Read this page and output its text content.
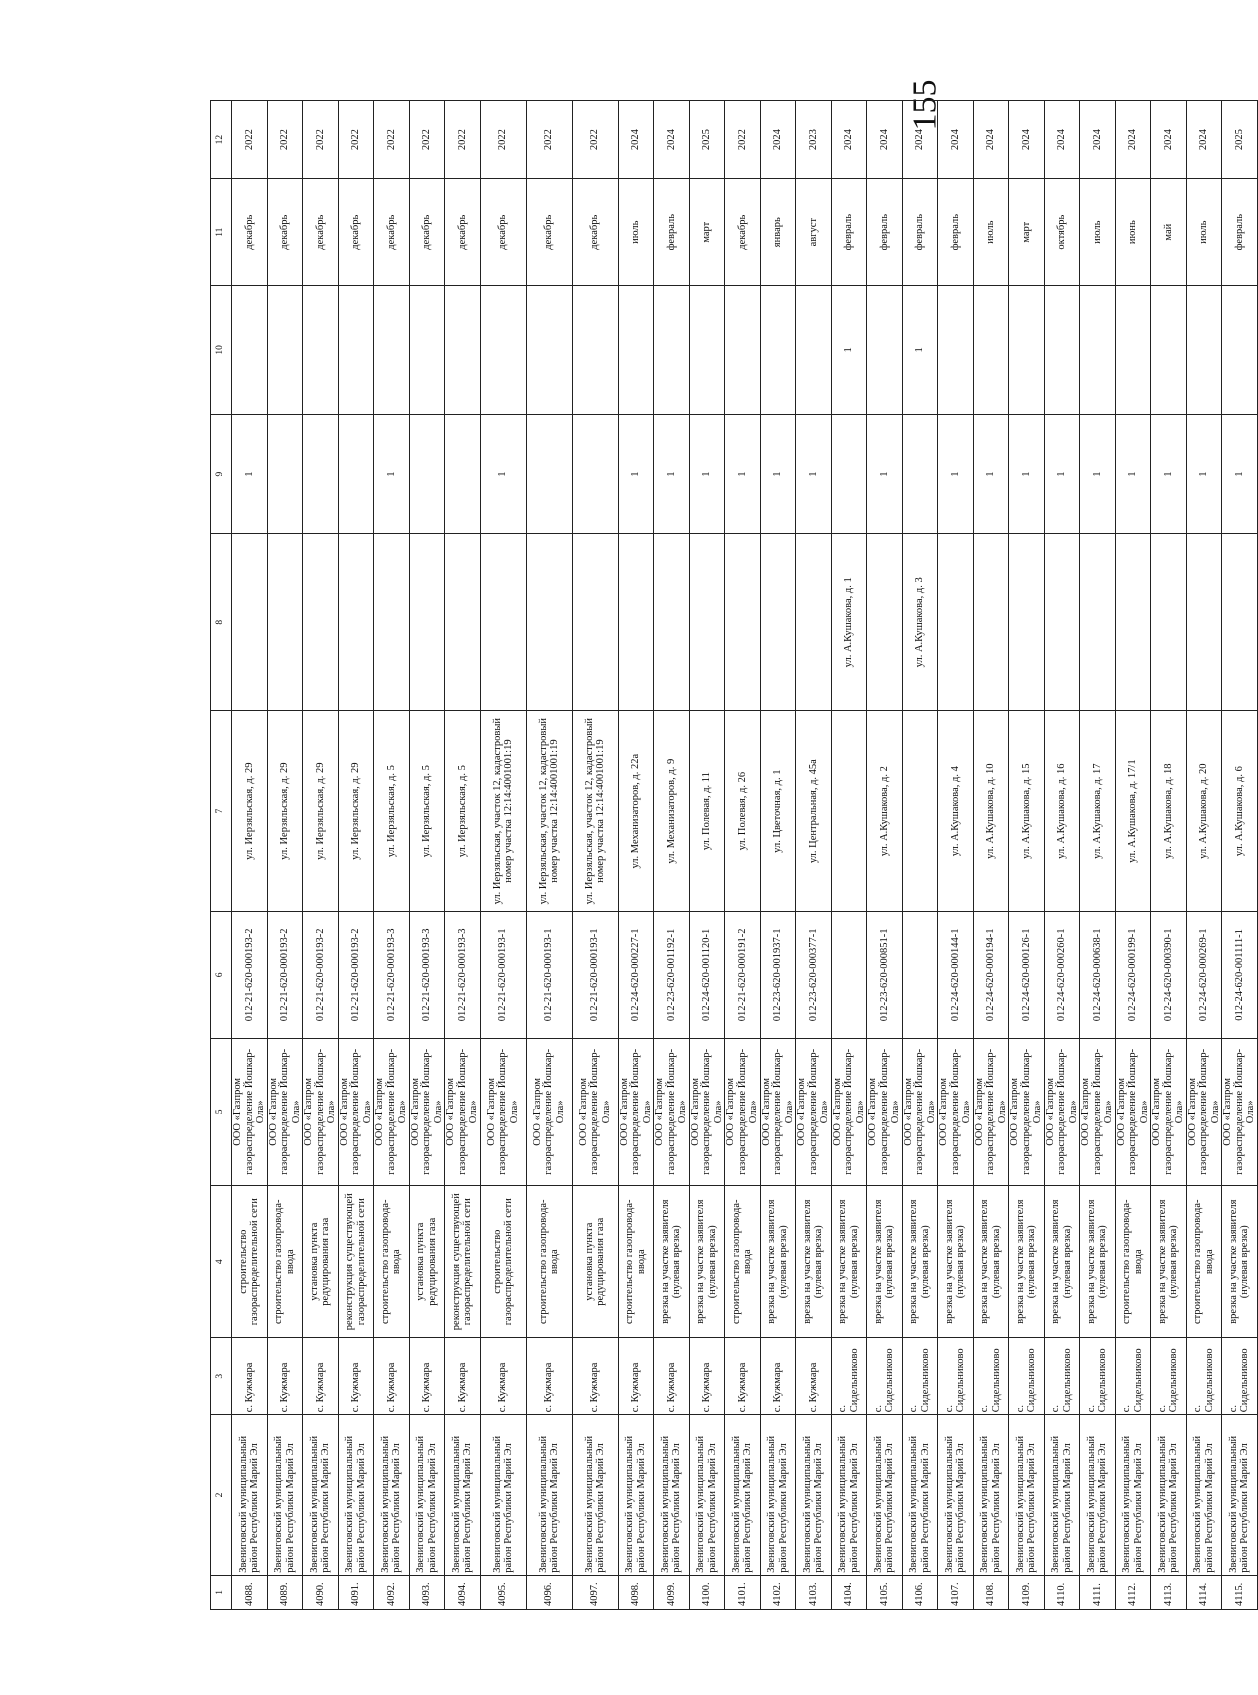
155
1	2	3	4	5	6	7	8	9	10	11	12
4088.	Звениговский муниципальный район Республики Марий Эл	с. Кужмара	строительство газораспределительной сети	ООО «Газпром газораспределение Йошкар-Ола»	012-21-620-000193-2	ул. Иерзяльская, д. 29		1		декабрь	2022
4089.	Звениговский муниципальный район Республики Марий Эл	с. Кужмара	строительство газопровода-ввода	ООО «Газпром газораспределение Йошкар-Ола»	012-21-620-000193-2	ул. Иерзяльская, д. 29				декабрь	2022
4090.	Звениговский муниципальный район Республики Марий Эл	с. Кужмара	установка пункта редуцирования газа	ООО «Газпром газораспределение Йошкар-Ола»	012-21-620-000193-2	ул. Иерзяльская, д. 29				декабрь	2022
4091.	Звениговский муниципальный район Республики Марий Эл	с. Кужмара	реконструкция существующей газораспределительной сети	ООО «Газпром газораспределение Йошкар-Ола»	012-21-620-000193-2	ул. Иерзяльская, д. 29				декабрь	2022
4092.	Звениговский муниципальный район Республики Марий Эл	с. Кужмара	строительство газопровода-ввода	ООО «Газпром газораспределение Йошкар-Ола»	012-21-620-000193-3	ул. Иерзяльская, д. 5		1		декабрь	2022
4093.	Звениговский муниципальный район Республики Марий Эл	с. Кужмара	установка пункта редуцирования газа	ООО «Газпром газораспределение Йошкар-Ола»	012-21-620-000193-3	ул. Иерзяльская, д. 5				декабрь	2022
4094.	Звениговский муниципальный район Республики Марий Эл	с. Кужмара	реконструкция существующей газораспределительной сети	ООО «Газпром газораспределение Йошкар-Ола»	012-21-620-000193-3	ул. Иерзяльская, д. 5				декабрь	2022
4095.	Звениговский муниципальный район Республики Марий Эл	с. Кужмара	строительство газораспределительной сети	ООО «Газпром газораспределение Йошкар-Ола»	012-21-620-000193-1	ул. Иерзяльская, участок 12, кадастровый номер участка 12:14:4001001:19		1		декабрь	2022
4096.	Звениговский муниципальный район Республики Марий Эл	с. Кужмара	строительство газопровода-ввода	ООО «Газпром газораспределение Йошкар-Ола»	012-21-620-000193-1	ул. Иерзяльская, участок 12, кадастровый номер участка 12:14:4001001:19				декабрь	2022
4097.	Звениговский муниципальный район Республики Марий Эл	с. Кужмара	установка пункта редуцирования газа	ООО «Газпром газораспределение Йошкар-Ола»	012-21-620-000193-1	ул. Иерзяльская, участок 12, кадастровый номер участка 12:14:4001001:19				декабрь	2022
4098.	Звениговский муниципальный район Республики Марий Эл	с. Кужмара	строительство газопровода-ввода	ООО «Газпром газораспределение Йошкар-Ола»	012-24-620-000227-1	ул. Механизаторов, д. 22а		1		июль	2024
4099.	Звениговский муниципальный район Республики Марий Эл	с. Кужмара	врезка на участке заявителя (нулевая врезка)	ООО «Газпром газораспределение Йошкар-Ола»	012-23-620-001192-1	ул. Механизаторов, д. 9		1		февраль	2024
4100.	Звениговский муниципальный район Республики Марий Эл	с. Кужмара	врезка на участке заявителя (нулевая врезка)	ООО «Газпром газораспределение Йошкар-Ола»	012-24-620-001120-1	ул. Полевая, д. 11		1		март	2025
4101.	Звениговский муниципальный район Республики Марий Эл	с. Кужмара	строительство газопровода-ввода	ООО «Газпром газораспределение Йошкар-Ола»	012-21-620-000191-2	ул. Полевая, д. 26		1		декабрь	2022
4102.	Звениговский муниципальный район Республики Марий Эл	с. Кужмара	врезка на участке заявителя (нулевая врезка)	ООО «Газпром газораспределение Йошкар-Ола»	012-23-620-001937-1	ул. Цветочная, д. 1		1		январь	2024
4103.	Звениговский муниципальный район Республики Марий Эл	с. Кужмара	врезка на участке заявителя (нулевая врезка)	ООО «Газпром газораспределение Йошкар-Ола»	012-23-620-000377-1	ул. Центральная, д. 45а		1		август	2023
4104.	Звениговский муниципальный район Республики Марий Эл	с. Сидельниково	врезка на участке заявителя (нулевая врезка)	ООО «Газпром газораспределение Йошкар-Ола»			ул. А.Кушакова, д. 1		1	февраль	2024
4105.	Звениговский муниципальный район Республики Марий Эл	с. Сидельниково	врезка на участке заявителя (нулевая врезка)	ООО «Газпром газораспределение Йошкар-Ола»	012-23-620-000851-1	ул. А.Кушакова, д. 2		1		февраль	2024
4106.	Звениговский муниципальный район Республики Марий Эл	с. Сидельниково	врезка на участке заявителя (нулевая врезка)	ООО «Газпром газораспределение Йошкар-Ола»			ул. А.Кушакова, д. 3		1	февраль	2024
4107.	Звениговский муниципальный район Республики Марий Эл	с. Сидельниково	врезка на участке заявителя (нулевая врезка)	ООО «Газпром газораспределение Йошкар-Ола»	012-24-620-000144-1	ул. А.Кушакова, д. 4		1		февраль	2024
4108.	Звениговский муниципальный район Республики Марий Эл	с. Сидельниково	врезка на участке заявителя (нулевая врезка)	ООО «Газпром газораспределение Йошкар-Ола»	012-24-620-000194-1	ул. А.Кушакова, д. 10		1		июль	2024
4109.	Звениговский муниципальный район Республики Марий Эл	с. Сидельниково	врезка на участке заявителя (нулевая врезка)	ООО «Газпром газораспределение Йошкар-Ола»	012-24-620-000126-1	ул. А.Кушакова, д. 15		1		март	2024
4110.	Звениговский муниципальный район Республики Марий Эл	с. Сидельниково	врезка на участке заявителя (нулевая врезка)	ООО «Газпром газораспределение Йошкар-Ола»	012-24-620-000260-1	ул. А.Кушакова, д. 16		1		октябрь	2024
4111.	Звениговский муниципальный район Республики Марий Эл	с. Сидельниково	врезка на участке заявителя (нулевая врезка)	ООО «Газпром газораспределение Йошкар-Ола»	012-24-620-000638-1	ул. А.Кушакова, д. 17		1		июль	2024
4112.	Звениговский муниципальный район Республики Марий Эл	с. Сидельниково	строительство газопровода-ввода	ООО «Газпром газораспределение Йошкар-Ола»	012-24-620-000199-1	ул. А.Кушакова, д. 17/1		1		июнь	2024
4113.	Звениговский муниципальный район Республики Марий Эл	с. Сидельниково	врезка на участке заявителя (нулевая врезка)	ООО «Газпром газораспределение Йошкар-Ола»	012-24-620-000390-1	ул. А.Кушакова, д. 18		1		май	2024
4114.	Звениговский муниципальный район Республики Марий Эл	с. Сидельниково	строительство газопровода-ввода	ООО «Газпром газораспределение Йошкар-Ола»	012-24-620-000269-1	ул. А.Кушакова, д. 20		1		июль	2024
4115.	Звениговский муниципальный район Республики Марий Эл	с. Сидельниково	врезка на участке заявителя (нулевая врезка)	ООО «Газпром газораспределение Йошкар-Ола»	012-24-620-001111-1	ул. А.Кушакова, д. 6		1		февраль	2025
